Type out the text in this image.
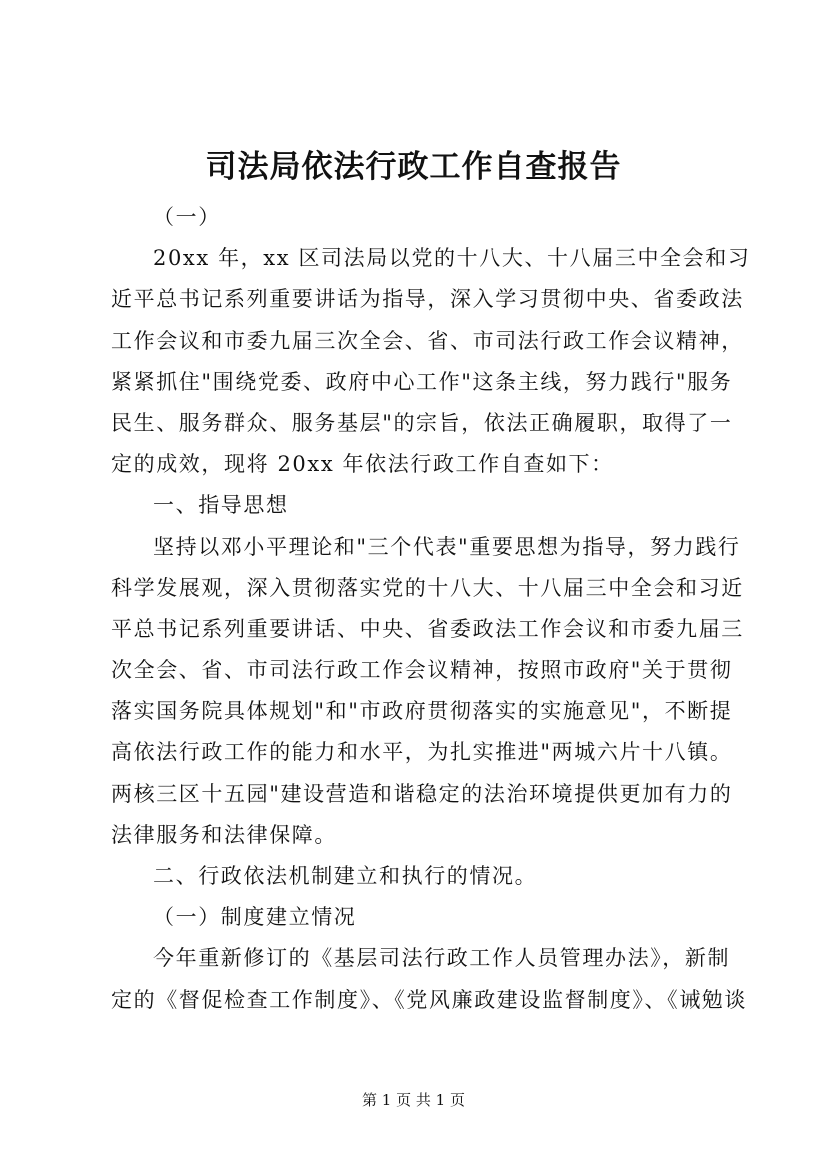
司法局依法行政工作自查报告
（一）
20xx 年，xx 区司法局以党的十八大、十八届三中全会和习
近平总书记系列重要讲话为指导，深入学习贯彻中央、省委政法
工作会议和市委九届三次全会、省、市司法行政工作会议精神，
紧紧抓住"围绕党委、政府中心工作"这条主线，努力践行"服务
民生、服务群众、服务基层"的宗旨，依法正确履职，取得了一
定的成效，现将 20xx 年依法行政工作自查如下：
一、指导思想
坚持以邓小平理论和"三个代表"重要思想为指导，努力践行
科学发展观，深入贯彻落实党的十八大、十八届三中全会和习近
平总书记系列重要讲话、中央、省委政法工作会议和市委九届三
次全会、省、市司法行政工作会议精神，按照市政府"关于贯彻
落实国务院具体规划"和"市政府贯彻落实的实施意见"，不断提
高依法行政工作的能力和水平，为扎实推进"两城六片十八镇。
两核三区十五园"建设营造和谐稳定的法治环境提供更加有力的
法律服务和法律保障。
二、行政依法机制建立和执行的情况。
（一）制度建立情况
今年重新修订的《基层司法行政工作人员管理办法》，新制
定的《督促检查工作制度》、《党风廉政建设监督制度》、《诫勉谈
第 1 页 共 1 页
